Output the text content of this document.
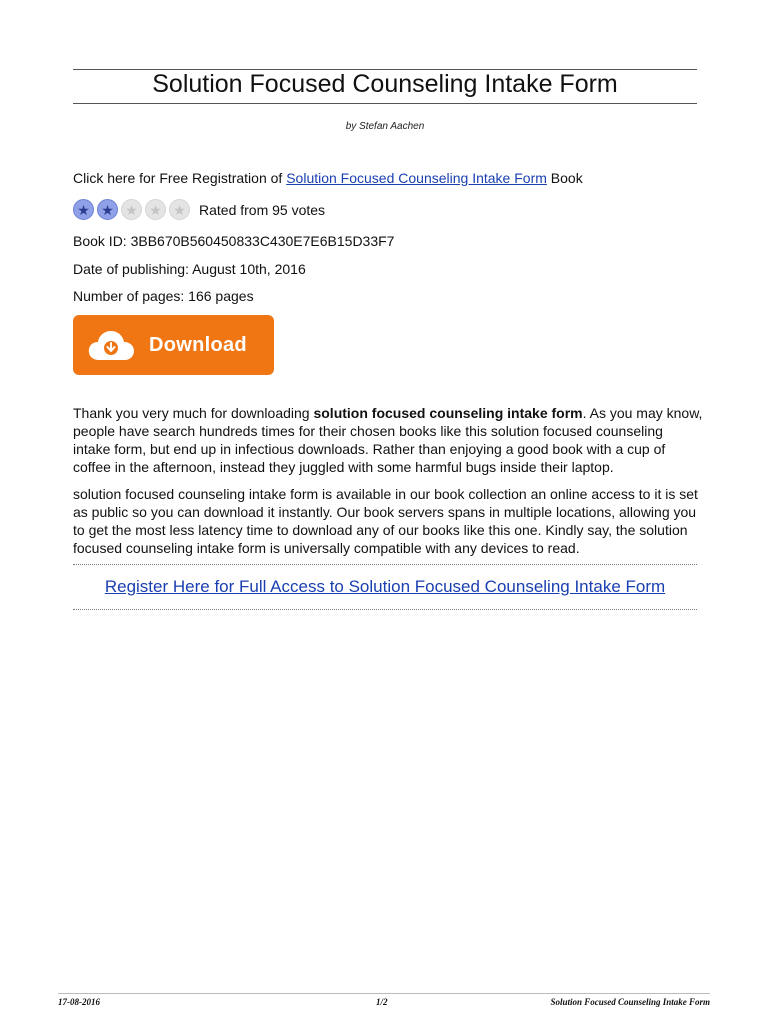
Solution Focused Counseling Intake Form
by Stefan Aachen
Click here for Free Registration of Solution Focused Counseling Intake Form Book
★ ★ ★ ★ ★ Rated from 95 votes
Book ID: 3BB670B560450833C430E7E6B15D33F7
Date of publishing: August 10th, 2016
Number of pages: 166 pages
Download
Thank you very much for downloading solution focused counseling intake form. As you may know, people have search hundreds times for their chosen books like this solution focused counseling intake form, but end up in infectious downloads. Rather than enjoying a good book with a cup of coffee in the afternoon, instead they juggled with some harmful bugs inside their laptop.
solution focused counseling intake form is available in our book collection an online access to it is set as public so you can download it instantly. Our book servers spans in multiple locations, allowing you to get the most less latency time to download any of our books like this one. Kindly say, the solution focused counseling intake form is universally compatible with any devices to read.
Register Here for Full Access to Solution Focused Counseling Intake Form
17-08-2016	1/2	Solution Focused Counseling Intake Form
